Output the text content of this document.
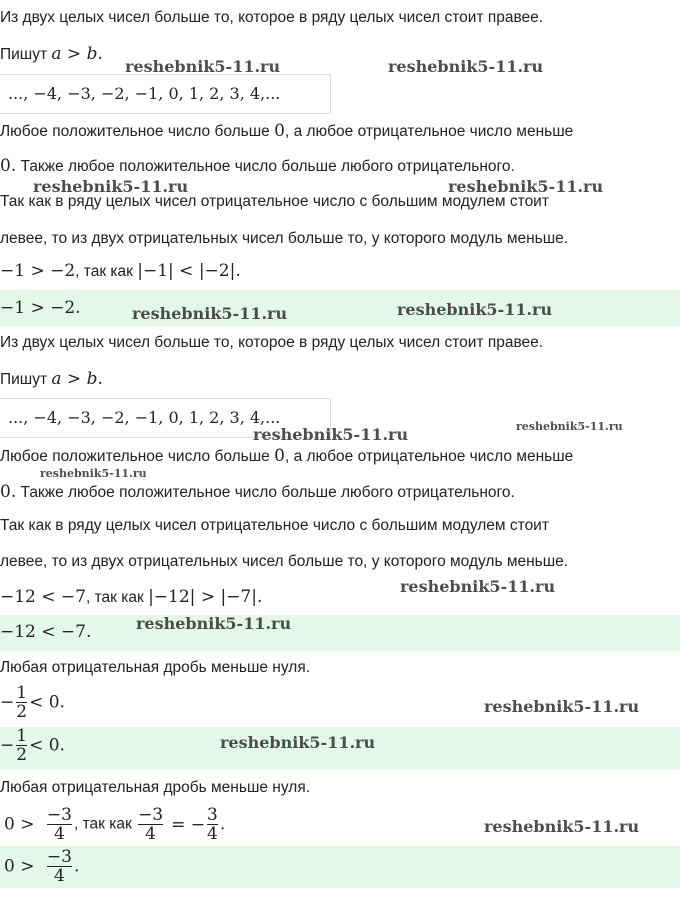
Из двух целых чисел больше то, которое в ряду целых чисел стоит правее.
Пишут a > b.
..., −4, −3, −2, −1, 0, 1, 2, 3, 4,...
Любое положительное число больше 0, а любое отрицательное число меньше
0. Также любое положительное число больше любого отрицательного.
Так как в ряду целых чисел отрицательное число с большим модулем стоит
левее, то из двух отрицательных чисел больше то, у которого модуль меньше.
−1 > −2, так как |−1| < |−2|.
−1 > −2.
Из двух целых чисел больше то, которое в ряду целых чисел стоит правее.
Пишут a > b.
..., −4, −3, −2, −1, 0, 1, 2, 3, 4,...
Любое положительное число больше 0, а любое отрицательное число меньше
0. Также любое положительное число больше любого отрицательного.
Так как в ряду целых чисел отрицательное число с большим модулем стоит
левее, то из двух отрицательных чисел больше то, у которого модуль меньше.
−12 < −7, так как |−12| > |−7|.
−12 < −7.
Любая отрицательная дробь меньше нуля.
− $\frac{1}{2} < 0$.
− $\frac{1}{2} < 0$.
Любая отрицательная дробь меньше нуля.
$0 > \frac{-3}{4}$ , так как $\frac{-3}{4}$ = − $\frac{3}{4}$ .
$0 > \frac{-3}{4}$ .
reshebnik5-11.ru	reshebnik5-11.ru
reshebnik5-11.ru	reshebnik5-11.ru
reshebnik5-11.ru	reshebnik5-11.ru
reshebnik5-11.ru	reshebnik5-11.ru
reshebnik5-11.ru
reshebnik5-11.ru
reshebnik5-11.ru
reshebnik5-11.ru
reshebnik5-11.ru
reshebnik5-11.ru
